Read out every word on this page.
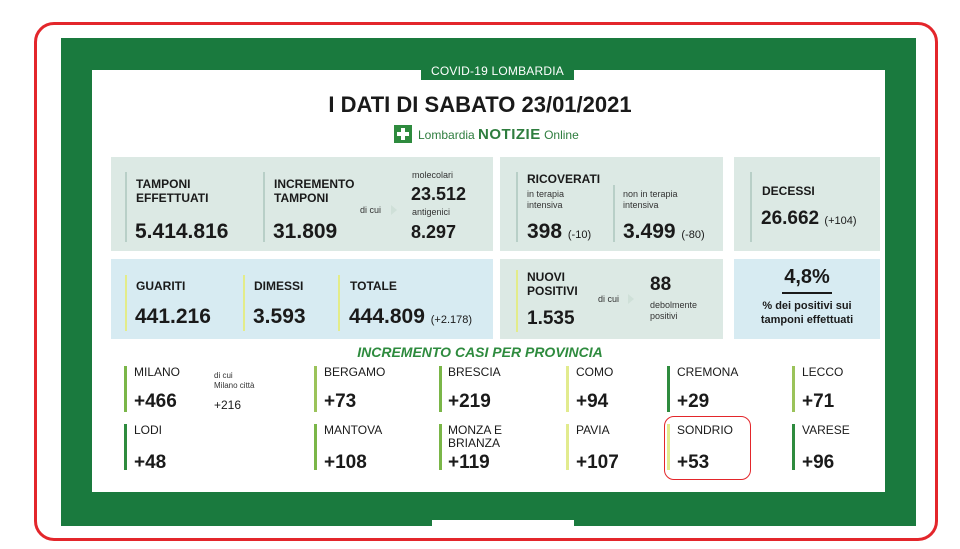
COVID-19 LOMBARDIA
I DATI DI SABATO 23/01/2021
Lombardia NOTIZIE Online
TAMPONI EFFETTUATI
5.414.816
INCREMENTO TAMPONI
31.809
di cui
molecolari
23.512
antigenici
8.297
RICOVERATI
in terapia intensiva
398 (-10)
non in terapia intensiva
3.499 (-80)
DECESSI
26.662 (+104)
GUARITI
441.216
DIMESSI
3.593
TOTALE
444.809 (+2.178)
NUOVI POSITIVI
1.535
di cui
88
debolmente positivi
4,8%
% dei positivi sui tamponi effettuati
INCREMENTO CASI PER PROVINCIA
MILANO
+466
di cui
Milano città
+216
BERGAMO
+73
BRESCIA
+219
COMO
+94
CREMONA
+29
LECCO
+71
LODI
+48
MANTOVA
+108
MONZA E BRIANZA
+119
PAVIA
+107
SONDRIO
+53
VARESE
+96
